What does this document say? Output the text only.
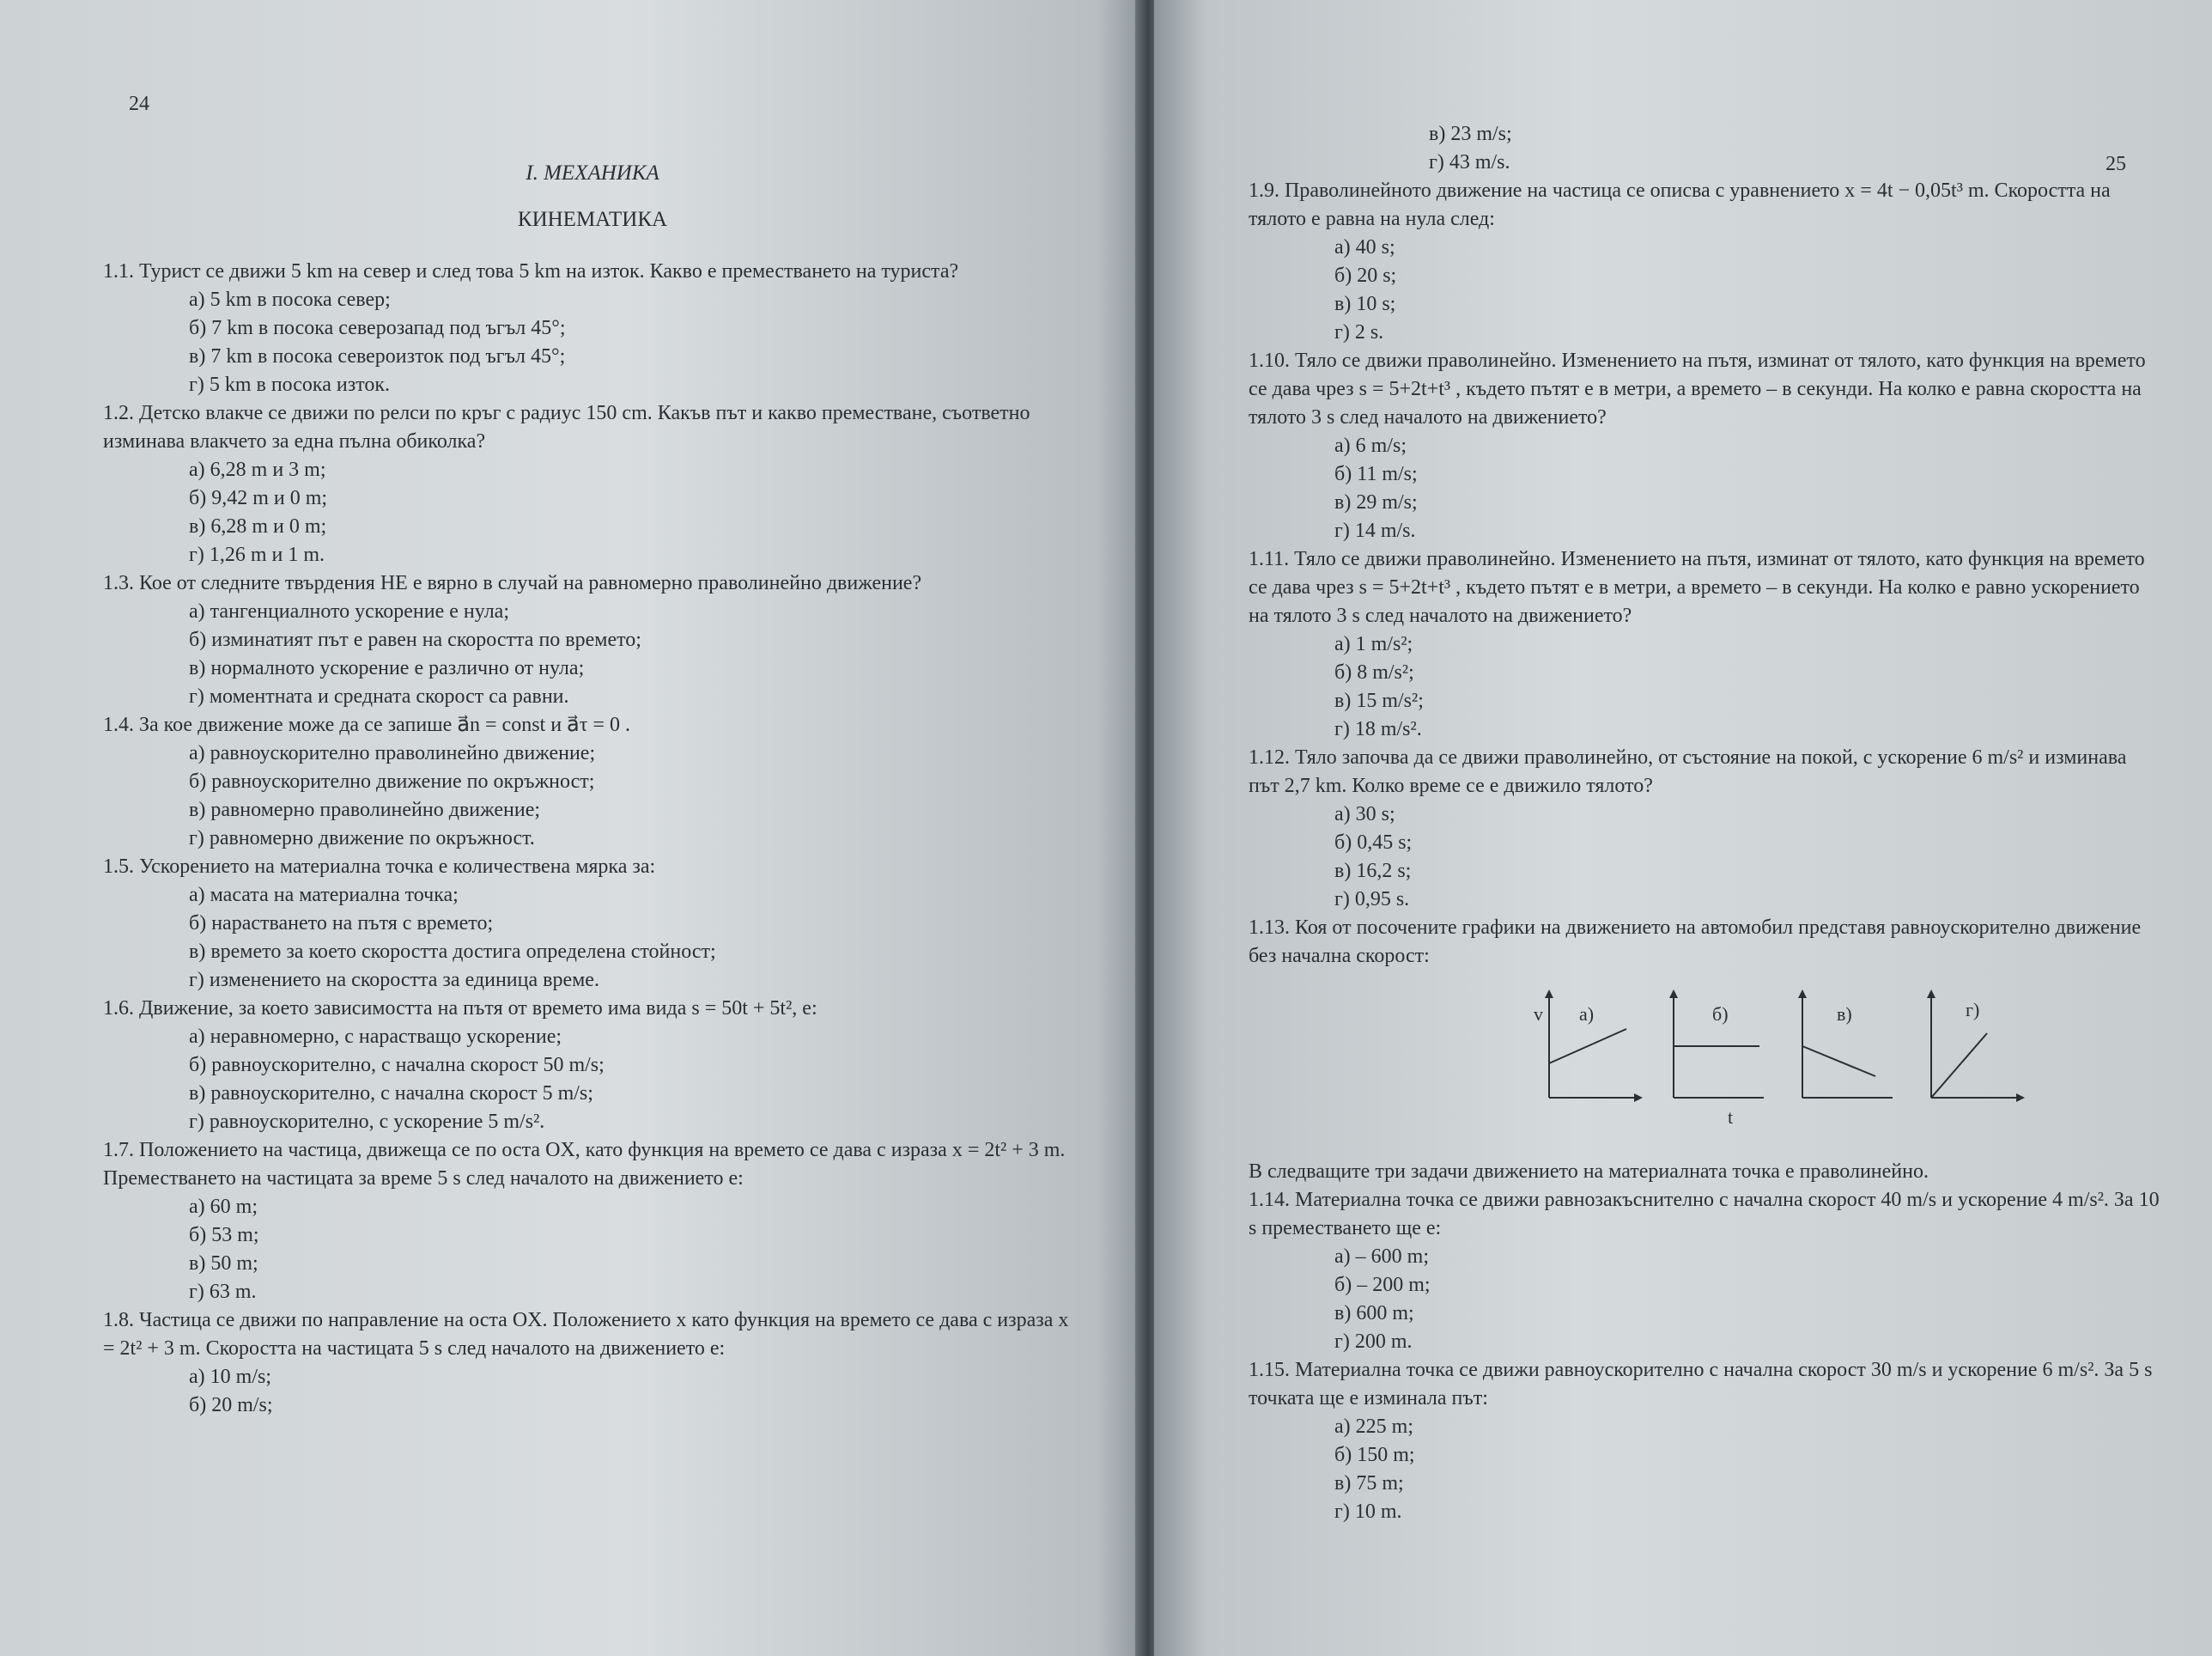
24
I. МЕХАНИКА
КИНЕМАТИКА

1.1. Турист се движи 5 km на север и след това 5 km на изток. Какво е преместването на туриста?

а) 5 km в посока север;

б) 7 km в посока северозапад под ъгъл 45°;

в) 7 km в посока североизток под ъгъл 45°;

г) 5 km в посока изток.

1.2. Детско влакче се движи по релси по кръг с радиус 150 cm. Какъв път и какво преместване, съответно изминава влакчето за една пълна обиколка?

а) 6,28 m и 3 m;

б) 9,42 m и 0 m;

в) 6,28 m и 0 m;

г) 1,26 m и 1 m.

1.3. Кое от следните твърдения НЕ е вярно в случай на равномерно праволинейно движение?

а) тангенциалното ускорение е нула;

б) изминатият път е равен на скоростта по времето;

в) нормалното ускорение е различно от нула;

г) моментната и средната скорост са равни.

1.4. За кое движение може да се запише a⃗n = const и a⃗τ = 0 .

а) равноускорително праволинейно движение;

б) равноускорително движение по окръжност;

в) равномерно праволинейно движение;

г) равномерно движение по окръжност.

1.5. Ускорението на материална точка е количествена мярка за:

а) масата на материална точка;

б) нарастването на пътя с времето;

в) времето за което скоростта достига определена стойност;

г) изменението на скоростта за единица време.

1.6. Движение, за което зависимостта на пътя от времето има вида s = 50t + 5t², е:

а) неравномерно, с нарастващо ускорение;

б) равноускорително, с начална скорост 50 m/s;

в) равноускорително, с начална скорост 5 m/s;

г) равноускорително, с ускорение 5 m/s².

1.7. Положението на частица, движеща се по оста OX, като функция на времето се дава с израза x = 2t² + 3 m. Преместването на частицата за време 5 s след началото на движението е:

а) 60 m;

б) 53 m;

в) 50 m;

г) 63 m.

1.8. Частица се движи по направление на оста OX. Положението x като функция на времето се дава с израза x = 2t² + 3 m. Скоростта на частицата 5 s след началото на движението е:

а) 10 m/s;

б) 20 m/s;

25

в) 23 m/s;

г) 43 m/s.

1.9. Праволинейното движение на частица се описва с уравнението x = 4t − 0,05t³ m. Скоростта на тялото е равна на нула след:

а) 40 s;

б) 20 s;

в) 10 s;

г) 2 s.

1.10. Тяло се движи праволинейно. Изменението на пътя, изминат от тялото, като функция на времето се дава чрез s = 5+2t+t³ , където пътят е в метри, а времето – в секунди. На колко е равна скоростта на тялото 3 s след началото на движението?

а) 6 m/s;

б) 11 m/s;

в) 29 m/s;

г) 14 m/s.

1.11. Тяло се движи праволинейно. Изменението на пътя, изминат от тялото, като функция на времето се дава чрез s = 5+2t+t³ , където пътят е в метри, а времето – в секунди. На колко е равно ускорението на тялото 3 s след началото на движението?

а) 1 m/s²;

б) 8 m/s²;

в) 15 m/s²;

г) 18 m/s².

1.12. Тяло започва да се движи праволинейно, от състояние на покой, с ускорение 6 m/s² и изминава път 2,7 km. Колко време се е движило тялото?

а) 30 s;

б) 0,45 s;

в) 16,2 s;

г) 0,95 s.

1.13. Коя от посочените графики на движението на автомобил представя равноускорително движение без начална скорост:

v а)	б)	в)	г)
t

В следващите три задачи движението на материалната точка е праволинейно.

1.14. Материална точка се движи равнозакъснително с начална скорост 40 m/s и ускорение 4 m/s². За 10 s преместването ще е:

а) – 600 m;

б) – 200 m;

в) 600 m;

г) 200 m.

1.15. Материална точка се движи равноускорително с начална скорост 30 m/s и ускорение 6 m/s². За 5 s точката ще е изминала път:

а) 225 m;

б) 150 m;

в) 75 m;

г) 10 m.
